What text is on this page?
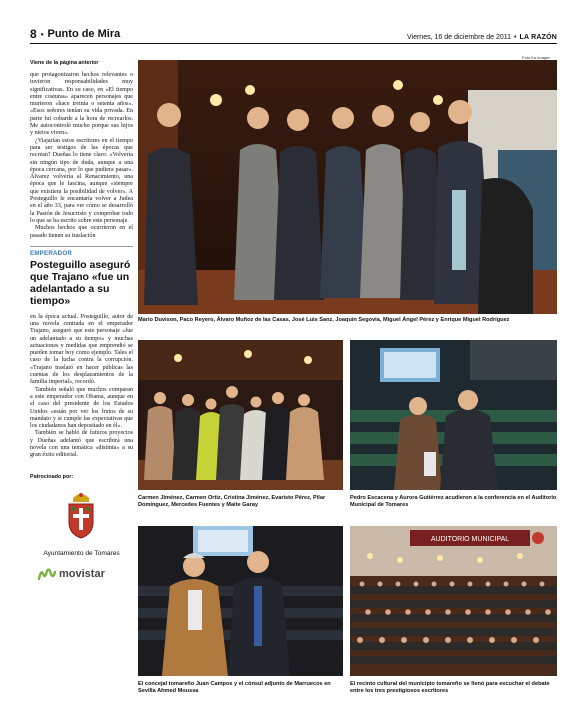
8 • Punto de Mira	Viernes, 16 de diciembre de 2011 • LA RAZÓN
Viene de la página anterior

que protagonizaron hechos relevantes o tuvieron responsabilidades muy significativas. En su caso, en «El tiempo entre costuras» aparecen personajes que murieron «hace treinta o setenta años». «Esos señores tenían su vida privada. En parte fui cobarde a la hora de recrearlos. Me autocontrolé mucho porque sus hijos y nietos viven».

¿Viajarían estos escritores en el tiempo para ser testigos de las épocas que recrean? Dueñas lo tiene claro: «Volvería sin ningún tipo de duda, aunque a una época cercana, por lo que pudiera pasar». Álvarez volvería al Renacimiento, una época que le fascina, aunque «siempre que existiera la posibilidad de volver». A Posteguillo le encantaría volver a Judea en el año 33, para ver cómo se desarrolló la Pastón de Jesucristo y comprobar todo lo que se ha escrito sobre este personaje.

Muchos hechos que ocurrieron en el pasado tienen su traslación

EMPERADOR
Posteguillo aseguró que Trajano «fue un adelantado a su tiempo»

en la época actual. Posteguillo, autor de una novela centrada en el emperador Trajano, aseguró que este personaje «fue un adelantado a su tiempo» y muchas actuaciones y medidas que emprendió se pueden tomar hoy como ejemplo. Tales el caso de la lucha contra la corrupción. «Trajano traslató en hacer públicas las cuentas de los desplazamientos de la familia imperial», recordó.

También señaló que muchos comparan a este emperador con Obama, aunque en el caso del presidente de los Estados Unidos «están por ver los frutos de su mandato y si cumple las expectativas que los ciudadanos han depositado en él».

También se habló de futuros proyectos y Dueñas adelantó que escribirá una novela con una temática «distinta» a su gran éxito editorial.

Patrocinado por:
Ayuntamiento de Tomares
movistar
Foto Ka Imagen
Mario Duvison, Paco Reyero, Álvaro Muñoz de las Casas, José Luis Sanz, Joaquín Segovia, Miguel Ángel Pérez y Enrique Miguel Rodríguez
Carmen Jiménez, Carmen Ortiz, Cristina Jiménez, Evaristo Pérez, Pilar Domínguez, Mercedes Fuentes y Maite Garay
Pedro Escacena y Aurora Gutiérrez acudieron a la conferencia en el Auditorio Municipal de Tomares
El concejal tomareño Juan Campos y el cónsul adjunto de Marruecos en Sevilla Ahmed Moussa
AUDITORIO MUNICIPAL
El recinto cultural del municipio tomareño se llenó para escuchar el debate entre los tres prestigiosos escritores
